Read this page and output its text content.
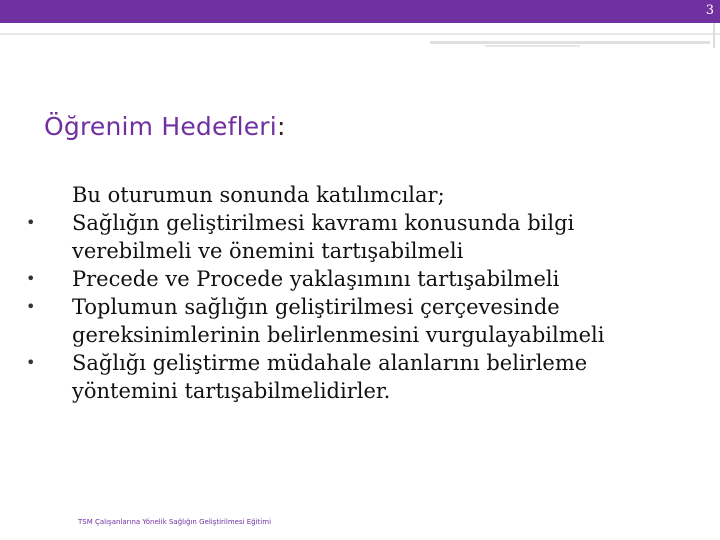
3
Öğrenim Hedefleri:
Bu oturumun sonunda katılımcılar;
• Sağlığın geliştirilmesi kavramı konusunda bilgi verebilmeli ve önemini tartışabilmeli
• Precede ve Procede yaklaşımını tartışabilmeli
• Toplumun sağlığın geliştirilmesi çerçevesinde gereksinimlerinin belirlenmesini vurgulayabilmeli
• Sağlığı geliştirme müdahale alanlarını belirleme yöntemini tartışabilmelidirler.
TSM Çalışanlarına Yönelik Sağlığın Geliştirilmesi Eğitimi
